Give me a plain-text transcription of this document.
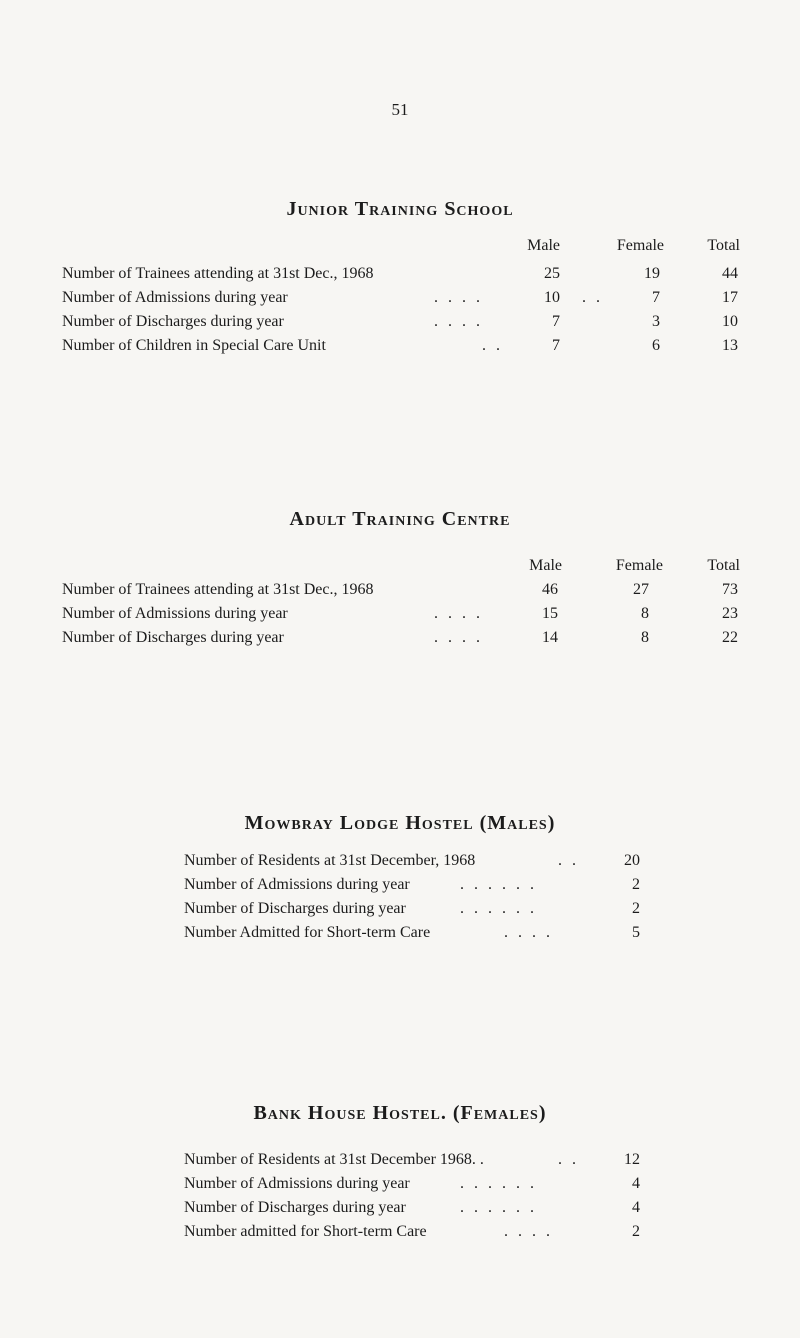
51
Junior Training School
Male	Female	Total
Number of Trainees attending at 31st Dec., 1968	25	19	44
Number of Admissions during year	. . . .	10 . .	7	17
Number of Discharges during year	. . . .	7	3	10
Number of Children in Special Care Unit	. .	7	6	13
Adult Training Centre
Male	Female	Total
Number of Trainees attending at 31st Dec., 1968	46	27	73
Number of Admissions during year	. . . .	15	8	23
Number of Discharges during year	. . . .	14	8	22
Mowbray Lodge Hostel (Males)
Number of Residents at 31st December, 1968	. .	20
Number of Admissions during year	. . . . . .	2
Number of Discharges during year	. . . . . .	2
Number Admitted for Short-term Care	. . . .	5
Bank House Hostel. (Females)
Number of Residents at 31st December 1968. .	. .	12
Number of Admissions during year	. . . . . .	4
Number of Discharges during year	. . . . . .	4
Number admitted for Short-term Care	. . . .	2
